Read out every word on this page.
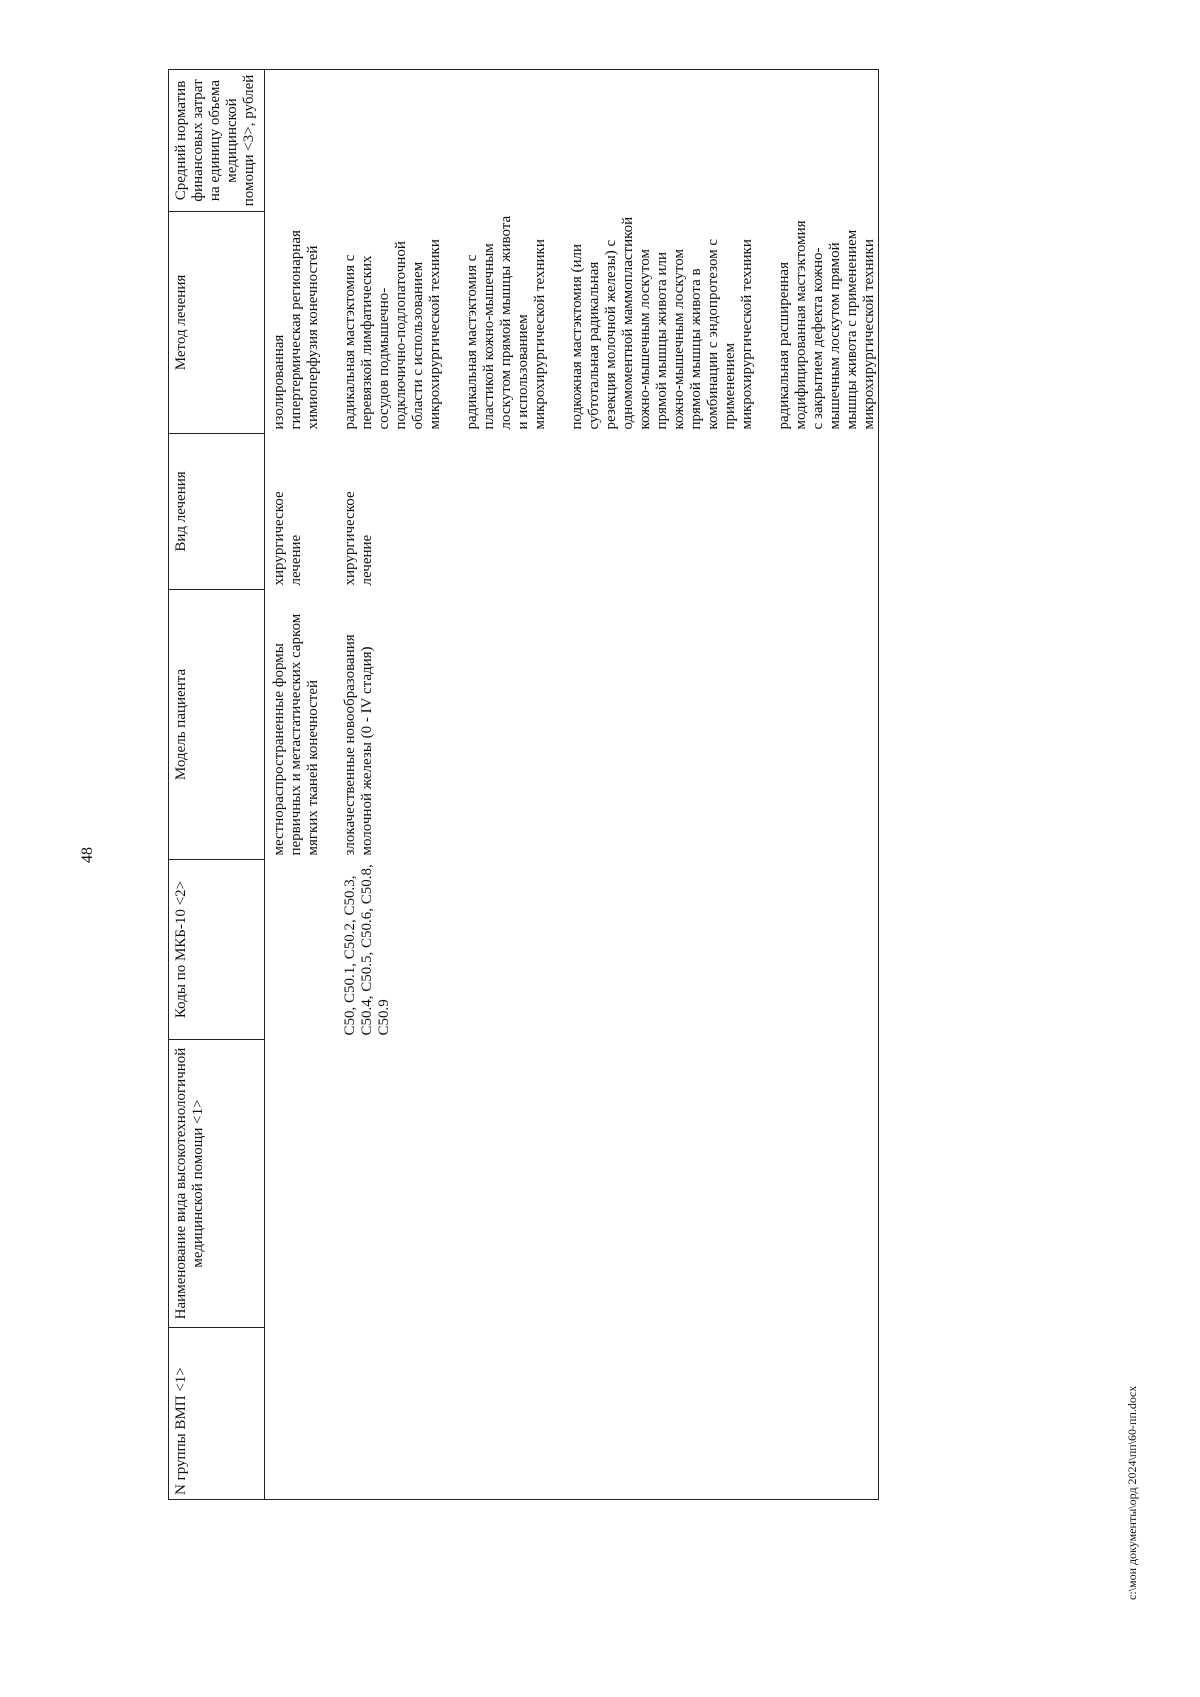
48
N группы ВМП <1>	Наименование вида высокотехнологичной медицинской помощи <1>	Коды по МКБ-10 <2>	Модель пациента	Вид лечения	Метод лечения	Средний норматив финансовых затрат на единицу объема медицинской помощи <3>, рублей

			местнораспространенные формы первичных и метастатических сарком мягких тканей конечностей	хирургическое лечение	изолированная гипертермическая регионарная химиоперфузия конечностей	

		C50, C50.1, C50.2, C50.3, C50.4, C50.5, C50.6, C50.8, C50.9	злокачественные новообразования молочной железы (0 - IV стадия)	хирургическое лечение	радикальная мастэктомия с перевязкой лимфатических сосудов подмышечно-подключично-подлопаточной области с использованием микрохирургической техники радикальная мастэктомия с пластикой кожно-мышечным лоскутом прямой мышцы живота и использованием микрохирургической техники подкожная мастэктомия (или субтотальная радикальная резекция молочной железы) с одномоментной маммопластикой кожно-мышечным лоскутом прямой мышцы живота или кожно-мышечным лоскутом прямой мышцы живота в комбинации с эндопротезом с применением микрохирургической техники радикальная расширенная модифицированная мастэктомия с закрытием дефекта кожно-мышечным лоскутом прямой мышцы живота с применением микрохирургической техники	

c:\мои документы\орд 2024\пп\60-пп.docx
